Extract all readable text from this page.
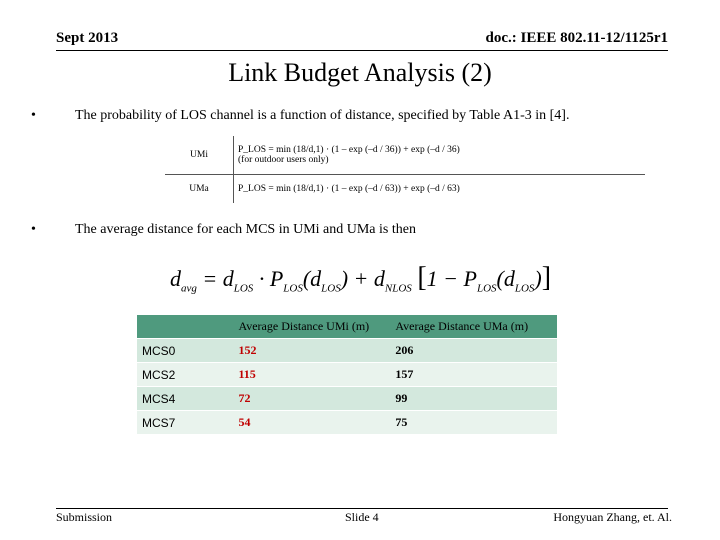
Sept 2013	doc.: IEEE 802.11-12/1125r1
Link Budget Analysis (2)
•	The probability of LOS channel is a function of distance, specified by Table A1-3 in [4].
UMi	P_LOS = min (18/d,1) · (1 – exp (–d / 36)) + exp (–d / 36)
(for outdoor users only)

UMa	P_LOS = min (18/d,1) · (1 – exp (–d / 63)) + exp (–d / 63)
•	The average distance for each MCS in UMi and UMa is then
$d_{avg} = d_{LOS} \cdot P_{LOS}(d_{LOS}) + d_{NLOS}$ $[1 - P_{LOS}(d_{LOS})]$
	Average Distance UMi (m)	Average Distance UMa (m)
MCS0	152	206
MCS2	115	157
MCS4	72	99
MCS7	54	75
Submission	Slide 4	Hongyuan Zhang, et. Al.
